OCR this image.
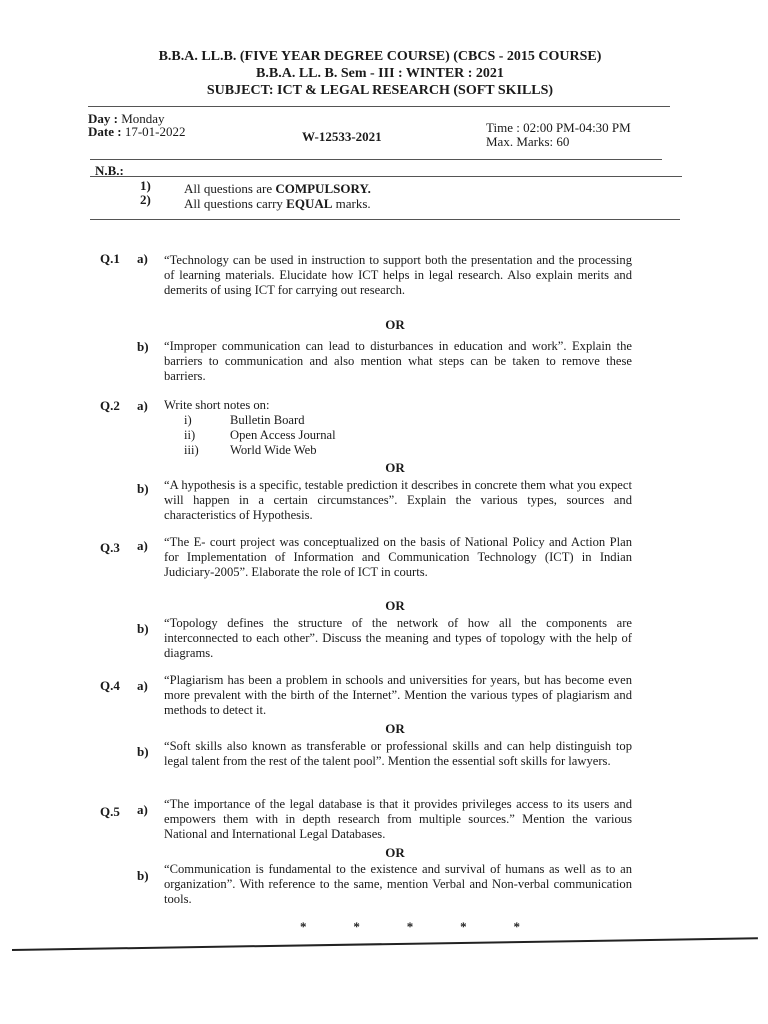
B.B.A. LL.B. (FIVE YEAR DEGREE COURSE) (CBCS - 2015 COURSE)
B.B.A. LL. B. Sem - III : WINTER : 2021
SUBJECT: ICT & LEGAL RESEARCH (SOFT SKILLS)
Day : Monday
Date : 17-01-2022	W-12533-2021
Time : 02:00 PM-04:30 PM
Max. Marks: 60
N.B.:
1)	All questions are COMPULSORY.
2)	All questions carry EQUAL marks.
Q.1 a) “Technology can be used in instruction to support both the presentation and the processing of learning materials. Elucidate how ICT helps in legal research. Also explain merits and demerits of using ICT for carrying out research.
OR
b) “Improper communication can lead to disturbances in education and work”. Explain the barriers to communication and also mention what steps can be taken to remove these barriers.
Q.2 a) Write short notes on:
i)	Bulletin Board
ii)	Open Access Journal
iii) World Wide Web
OR
b) “A hypothesis is a specific, testable prediction it describes in concrete them what you expect will happen in a certain circumstances”. Explain the various types, sources and characteristics of Hypothesis.
Q.3 a) “The E- court project was conceptualized on the basis of National Policy and Action Plan for Implementation of Information and Communication Technology (ICT) in Indian Judiciary-2005”. Elaborate the role of ICT in courts.
OR
b) “Topology defines the structure of the network of how all the components are interconnected to each other”. Discuss the meaning and types of topology with the help of diagrams.
Q.4 a) “Plagiarism has been a problem in schools and universities for years, but has become even more prevalent with the birth of the Internet”. Mention the various types of plagiarism and methods to detect it.
OR
b) “Soft skills also known as transferable or professional skills and can help distinguish top legal talent from the rest of the talent pool”. Mention the essential soft skills for lawyers.
Q.5 a) “The importance of the legal database is that it provides privileges access to its users and empowers them with in depth research from multiple sources.” Mention the various National and International Legal Databases.
OR
b) “Communication is fundamental to the existence and survival of humans as well as to an organization”. With reference to the same, mention Verbal and Non-verbal communication tools.
*	*	*	*	*
